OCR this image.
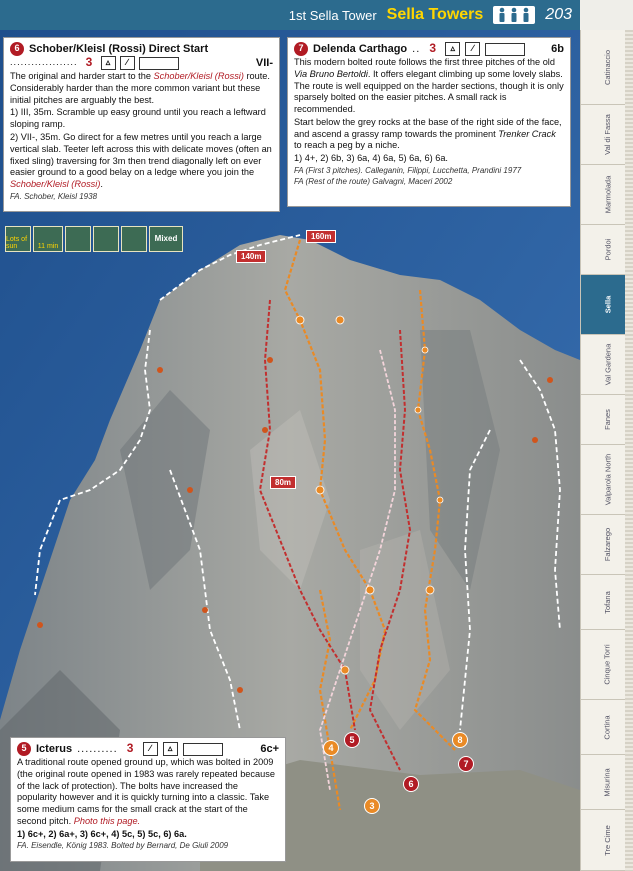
1st Sella Tower Sella Towers	203
160m
140m
80m
4
5
6
3
8
7
6 Schober/Kleisl (Rossi) Direct Start
................... 3	▵	∕	VII-

The original and harder start to the Schober/Kleisl (Rossi) route. Considerably harder than the more common variant but these initial pitches are arguably the best.

1) III, 35m. Scramble up easy ground until you reach a leftward sloping ramp.

2) VII-, 35m. Go direct for a few metres until you reach a large vertical slab. Teeter left across this with delicate moves (often an fixed sling) traversing for 3m then trend diagonally left on ever easier ground to a good belay on a ledge where you join the Schober/Kleisl (Rossi).

FA. Schober, Kleisl 1938

Lots of sun	11 min
Mixed
7 Delenda Carthago .. 3	▵	∕	6b

This modern bolted route follows the first three pitches of the old Via Bruno Bertoldi. It offers elegant climbing up some lovely slabs. The route is well equipped on the harder sections, though it is only sparsely bolted on the easier pitches. A small rack is recommended.

Start below the grey rocks at the base of the right side of the face, and ascend a grassy ramp towards the prominent Trenker Crack to reach a peg by a niche.

1) 4+, 2) 6b, 3) 6a, 4) 6a, 5) 6a, 6) 6a.

FA (First 3 pitches). Calleganin, Filippi, Lucchetta, Prandini 1977

FA (Rest of the route) Galvagni, Maceri 2002

5 Icterus .......... 3	∕	▵	6c+

A traditional route opened ground up, which was bolted in 2009 (the original route opened in 1983 was rarely repeated because of the lack of protection). The bolts have increased the popularity however and it is quickly turning into a classic. Take some medium cams for the small crack at the start of the second pitch. Photo this page.

1) 6c+, 2) 6a+, 3) 6c+, 4) 5c, 5) 5c, 6) 6a.

FA. Eisendle, König 1983. Bolted by Bernard, De Giuli 2009

Catinaccio
Val di Fassa
Marmolada
Pordoi
Sella
Val Gardena
Fanes
Valparola North
Falzarego
Tofana
Cinque Torri
Cortina
Misurina
Tre Cime
